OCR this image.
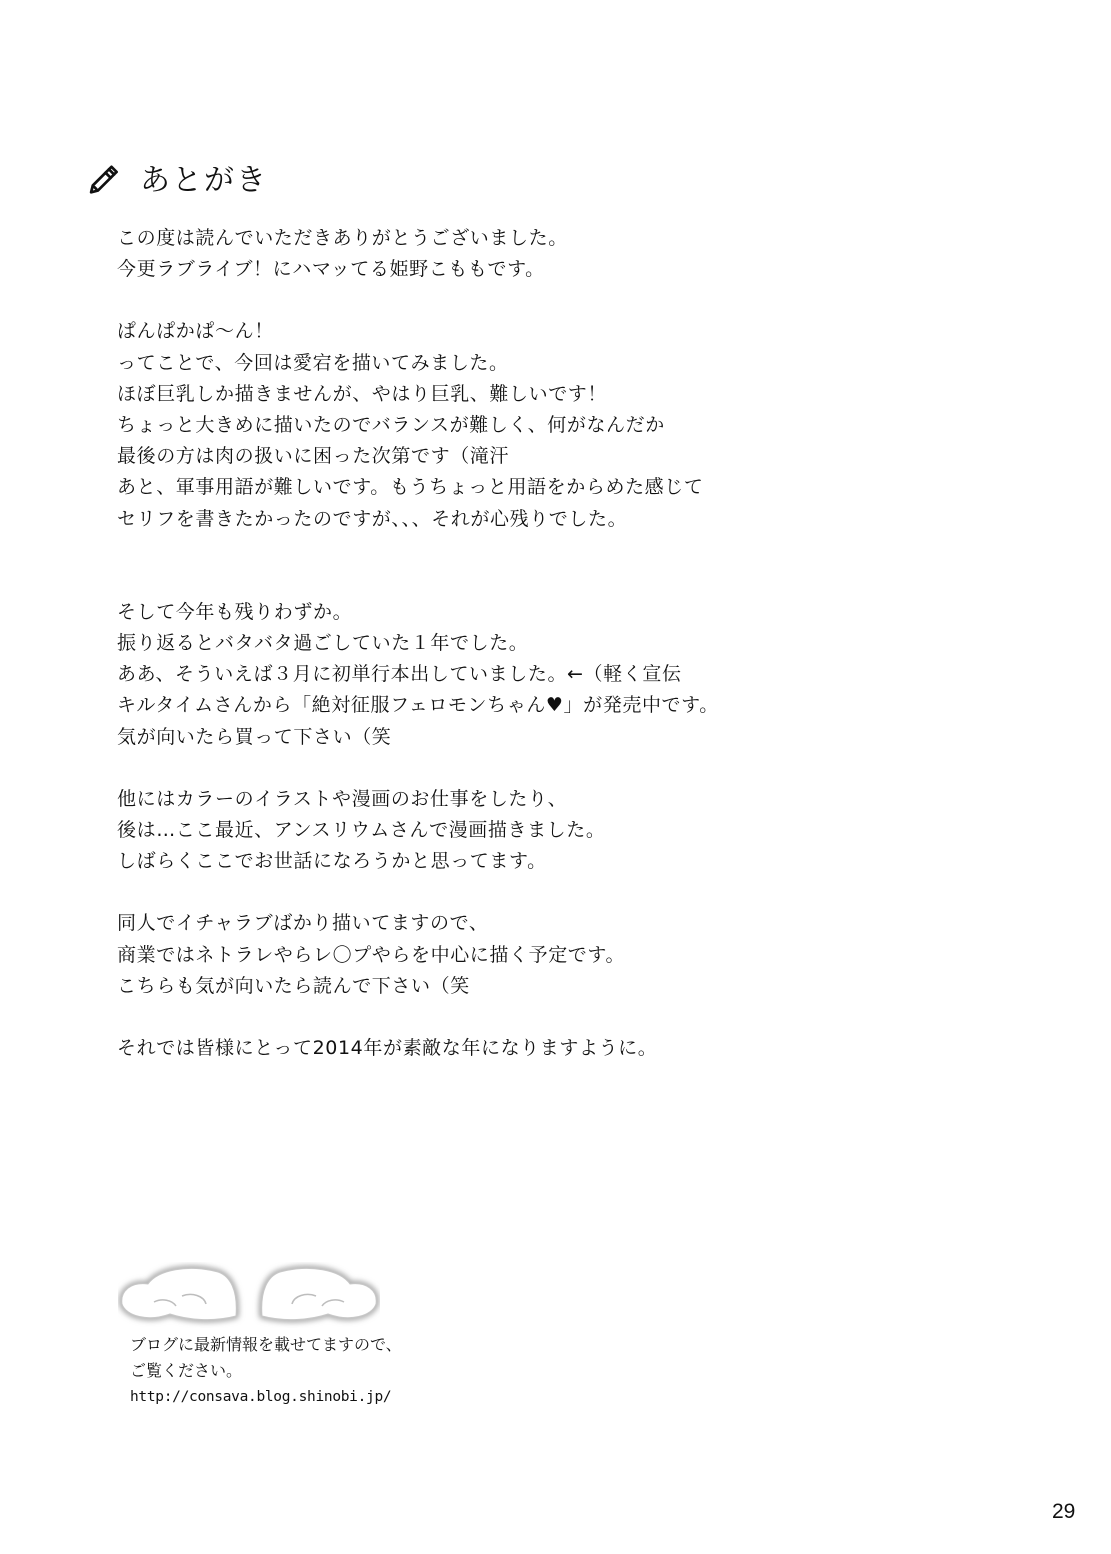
あとがき

この度は読んでいただきありがとうございました。

今更ラブライブ！にハマッてる姫野こももです。

ぱんぱかぱ～ん！

ってことで、今回は愛宕を描いてみました。

ほぼ巨乳しか描きませんが、やはり巨乳、難しいです！

ちょっと大きめに描いたのでバランスが難しく、何がなんだか

最後の方は肉の扱いに困った次第です（滝汗

あと、軍事用語が難しいです。もうちょっと用語をからめた感じて

セリフを書きたかったのですが、、、それが心残りでした。

そして今年も残りわずか。

振り返るとバタバタ過ごしていた１年でした。

ああ、そういえば３月に初単行本出していました。←（軽く宣伝

キルタイムさんから「絶対征服フェロモンちゃん♥」が発売中です。

気が向いたら買って下さい（笑

他にはカラーのイラストや漫画のお仕事をしたり、

後は…ここ最近、アンスリウムさんで漫画描きました。

しばらくここでお世話になろうかと思ってます。

同人でイチャラブばかり描いてますので、

商業ではネトラレやらレ〇プやらを中心に描く予定です。

こちらも気が向いたら読んで下さい（笑

それでは皆様にとって2014年が素敵な年になりますように。

ブログに最新情報を載せてますので、

ご覧ください。

http://consava.blog.shinobi.jp/

29
